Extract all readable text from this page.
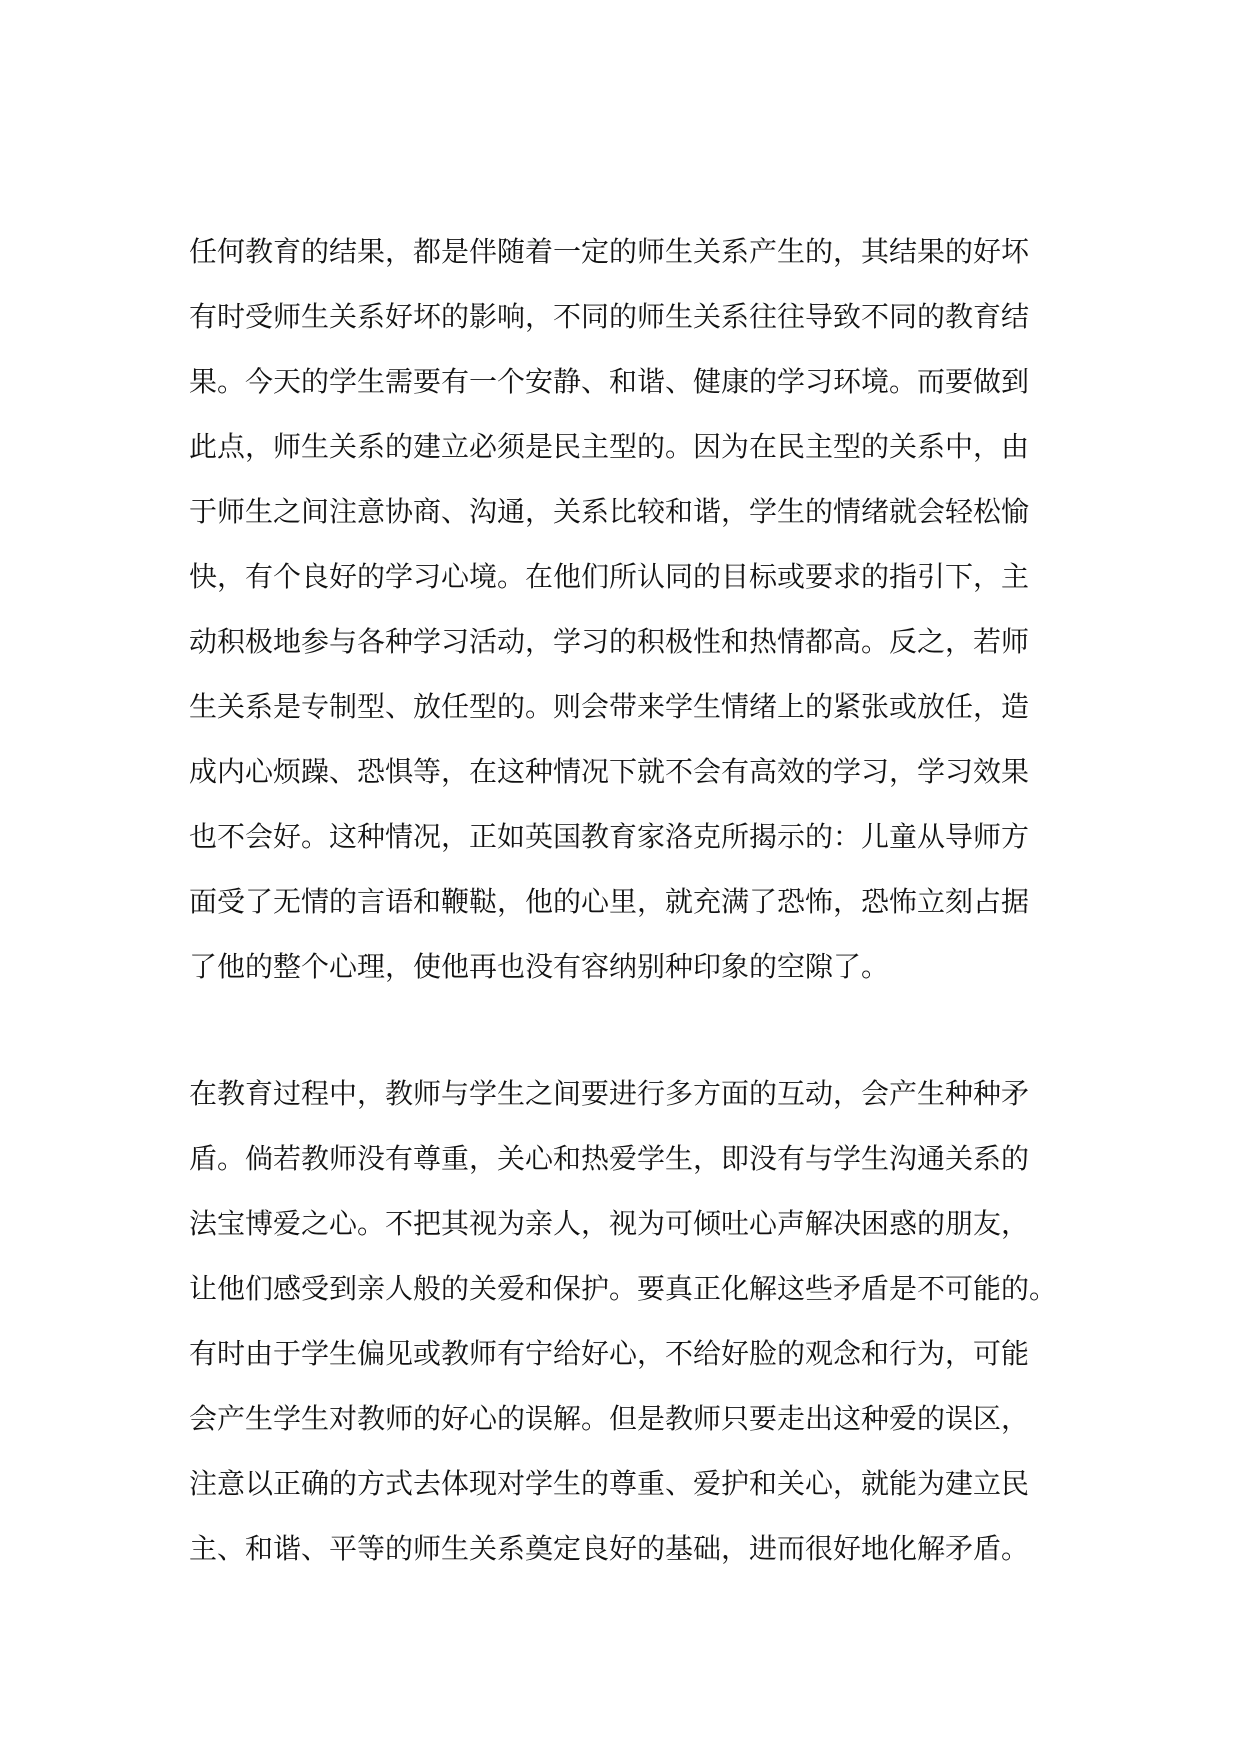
任何教育的结果，都是伴随着一定的师生关系产生的，其结果的好坏
有时受师生关系好坏的影响，不同的师生关系往往导致不同的教育结
果。今天的学生需要有一个安静、和谐、健康的学习环境。而要做到
此点，师生关系的建立必须是民主型的。因为在民主型的关系中，由
于师生之间注意协商、沟通，关系比较和谐，学生的情绪就会轻松愉
快，有个良好的学习心境。在他们所认同的目标或要求的指引下，主
动积极地参与各种学习活动，学习的积极性和热情都高。反之，若师
生关系是专制型、放任型的。则会带来学生情绪上的紧张或放任，造
成内心烦躁、恐惧等，在这种情况下就不会有高效的学习，学习效果
也不会好。这种情况，正如英国教育家洛克所揭示的：儿童从导师方
面受了无情的言语和鞭鞑，他的心里，就充满了恐怖，恐怖立刻占据
了他的整个心理，使他再也没有容纳别种印象的空隙了。
在教育过程中，教师与学生之间要进行多方面的互动，会产生种种矛
盾。倘若教师没有尊重，关心和热爱学生，即没有与学生沟通关系的
法宝博爱之心。不把其视为亲人，视为可倾吐心声解决困惑的朋友，
让他们感受到亲人般的关爱和保护。要真正化解这些矛盾是不可能的。
有时由于学生偏见或教师有宁给好心，不给好脸的观念和行为，可能
会产生学生对教师的好心的误解。但是教师只要走出这种爱的误区，
注意以正确的方式去体现对学生的尊重、爱护和关心，就能为建立民
主、和谐、平等的师生关系奠定良好的基础，进而很好地化解矛盾。
